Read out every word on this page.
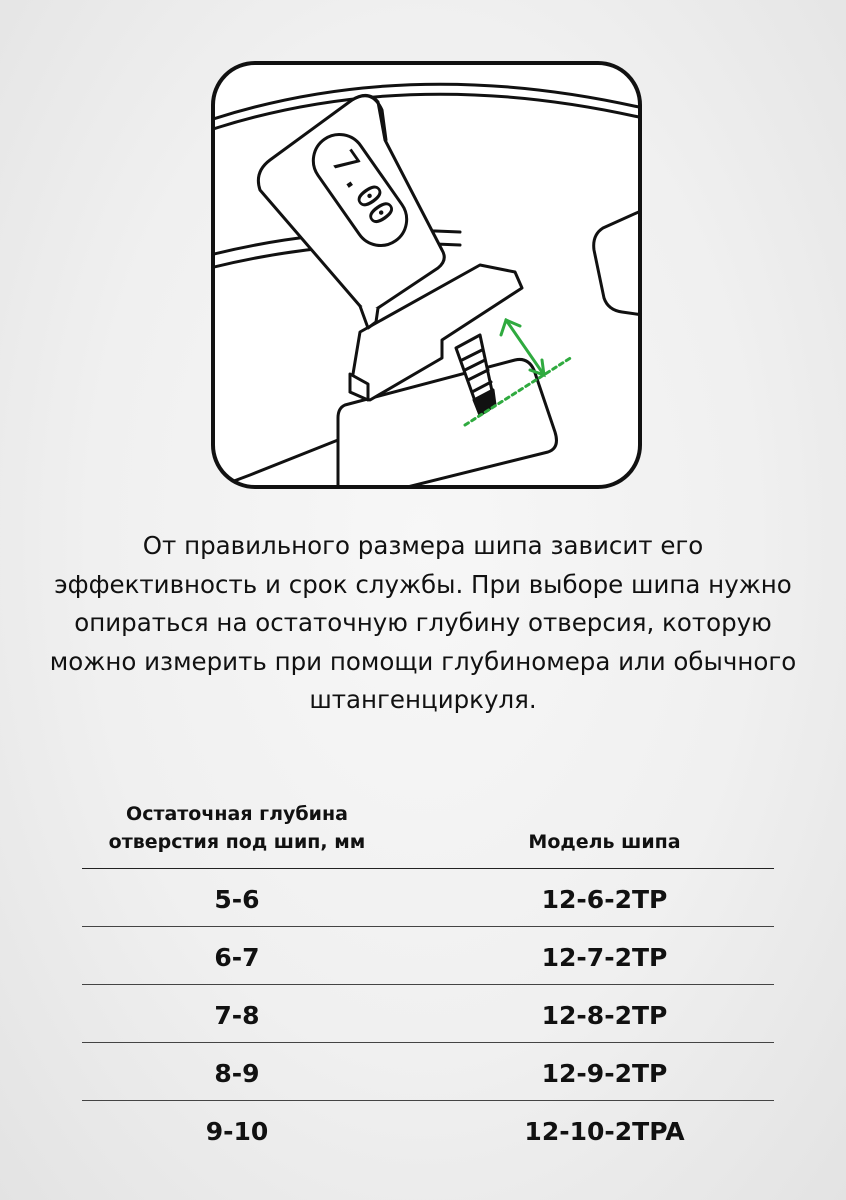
7.00

От правильного размера шипа зависит его эффективность и срок службы. При выборе шипа нужно опираться на остаточную глубину отверсия, которую можно измерить при помощи глубиномера или обычного штангенциркуля.

Остаточная глубина отверстия под шип, мм	Модель шипа
5-6	12-6-2TP
6-7	12-7-2TP
7-8	12-8-2TP
8-9	12-9-2TP
9-10	12-10-2TPA
